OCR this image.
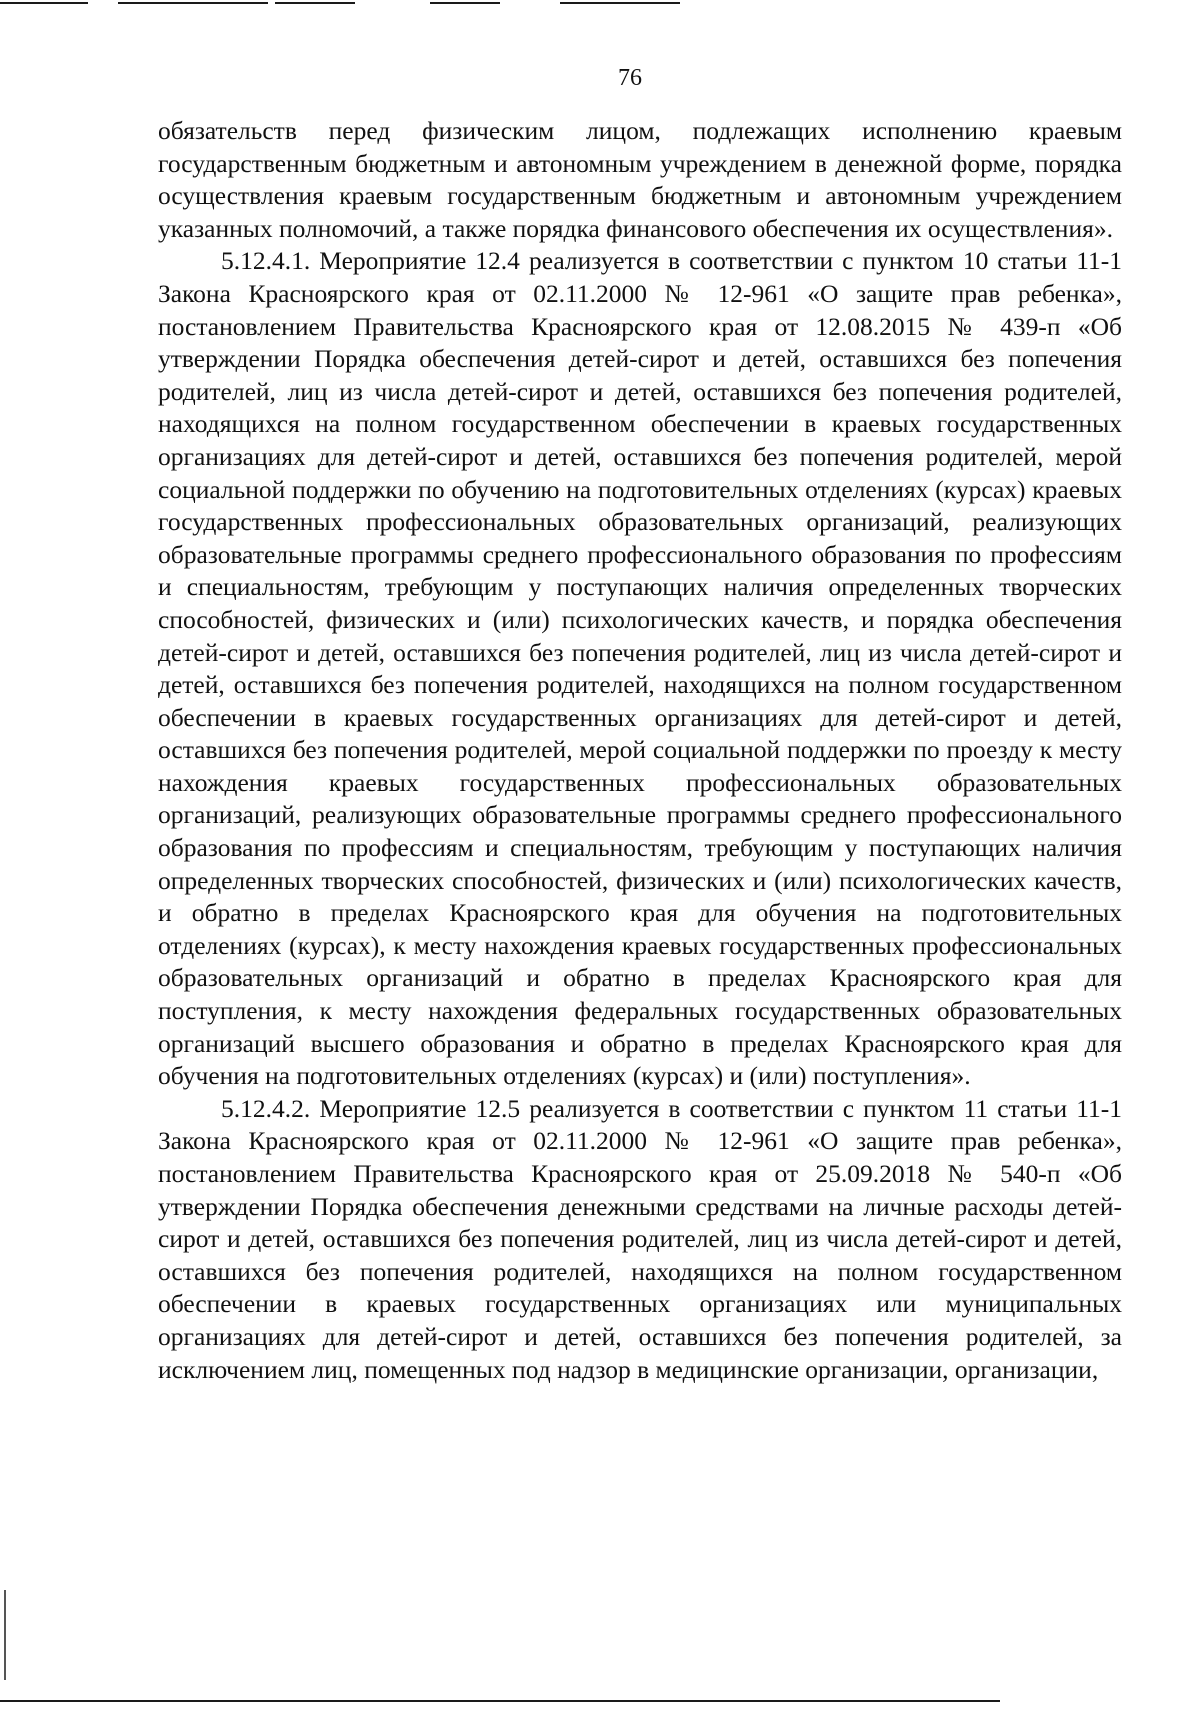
76

обязательств перед физическим лицом, подлежащих исполнению краевым государственным бюджетным и автономным учреждением в денежной форме, порядка осуществления краевым государственным бюджетным и автономным учреждением указанных полномочий, а также порядка финансового обеспечения их осуществления».

5.12.4.1. Мероприятие 12.4 реализуется в соответствии с пунктом 10 статьи 11-1 Закона Красноярского края от 02.11.2000 № 12-961 «О защите прав ребенка», постановлением Правительства Красноярского края от 12.08.2015 № 439-п «Об утверждении Порядка обеспечения детей-сирот и детей, оставшихся без попечения родителей, лиц из числа детей-сирот и детей, оставшихся без попечения родителей, находящихся на полном государственном обеспечении в краевых государственных организациях для детей-сирот и детей, оставшихся без попечения родителей, мерой социальной поддержки по обучению на подготовительных отделениях (курсах) краевых государственных профессиональных образовательных организаций, реализующих образовательные программы среднего профессионального образования по профессиям и специальностям, требующим у поступающих наличия определенных творческих способностей, физических и (или) психологических качеств, и порядка обеспечения детей-сирот и детей, оставшихся без попечения родителей, лиц из числа детей-сирот и детей, оставшихся без попечения родителей, находящихся на полном государственном обеспечении в краевых государственных организациях для детей-сирот и детей, оставшихся без попечения родителей, мерой социальной поддержки по проезду к месту нахождения краевых государственных профессиональных образовательных организаций, реализующих образовательные программы среднего профессионального образования по профессиям и специальностям, требующим у поступающих наличия определенных творческих способностей, физических и (или) психологических качеств, и обратно в пределах Красноярского края для обучения на подготовительных отделениях (курсах), к месту нахождения краевых государственных профессиональных образовательных организаций и обратно в пределах Красноярского края для поступления, к месту нахождения федеральных государственных образовательных организаций высшего образования и обратно в пределах Красноярского края для обучения на подготовительных отделениях (курсах) и (или) поступления».

5.12.4.2. Мероприятие 12.5 реализуется в соответствии с пунктом 11 статьи 11-1 Закона Красноярского края от 02.11.2000 № 12-961 «О защите прав ребенка», постановлением Правительства Красноярского края от 25.09.2018 № 540-п «Об утверждении Порядка обеспечения денежными средствами на личные расходы детей-сирот и детей, оставшихся без попечения родителей, лиц из числа детей-сирот и детей, оставшихся без попечения родителей, находящихся на полном государственном обеспечении в краевых государственных организациях или муниципальных организациях для детей-сирот и детей, оставшихся без попечения родителей, за исключением лиц, помещенных под надзор в медицинские организации, организации,
